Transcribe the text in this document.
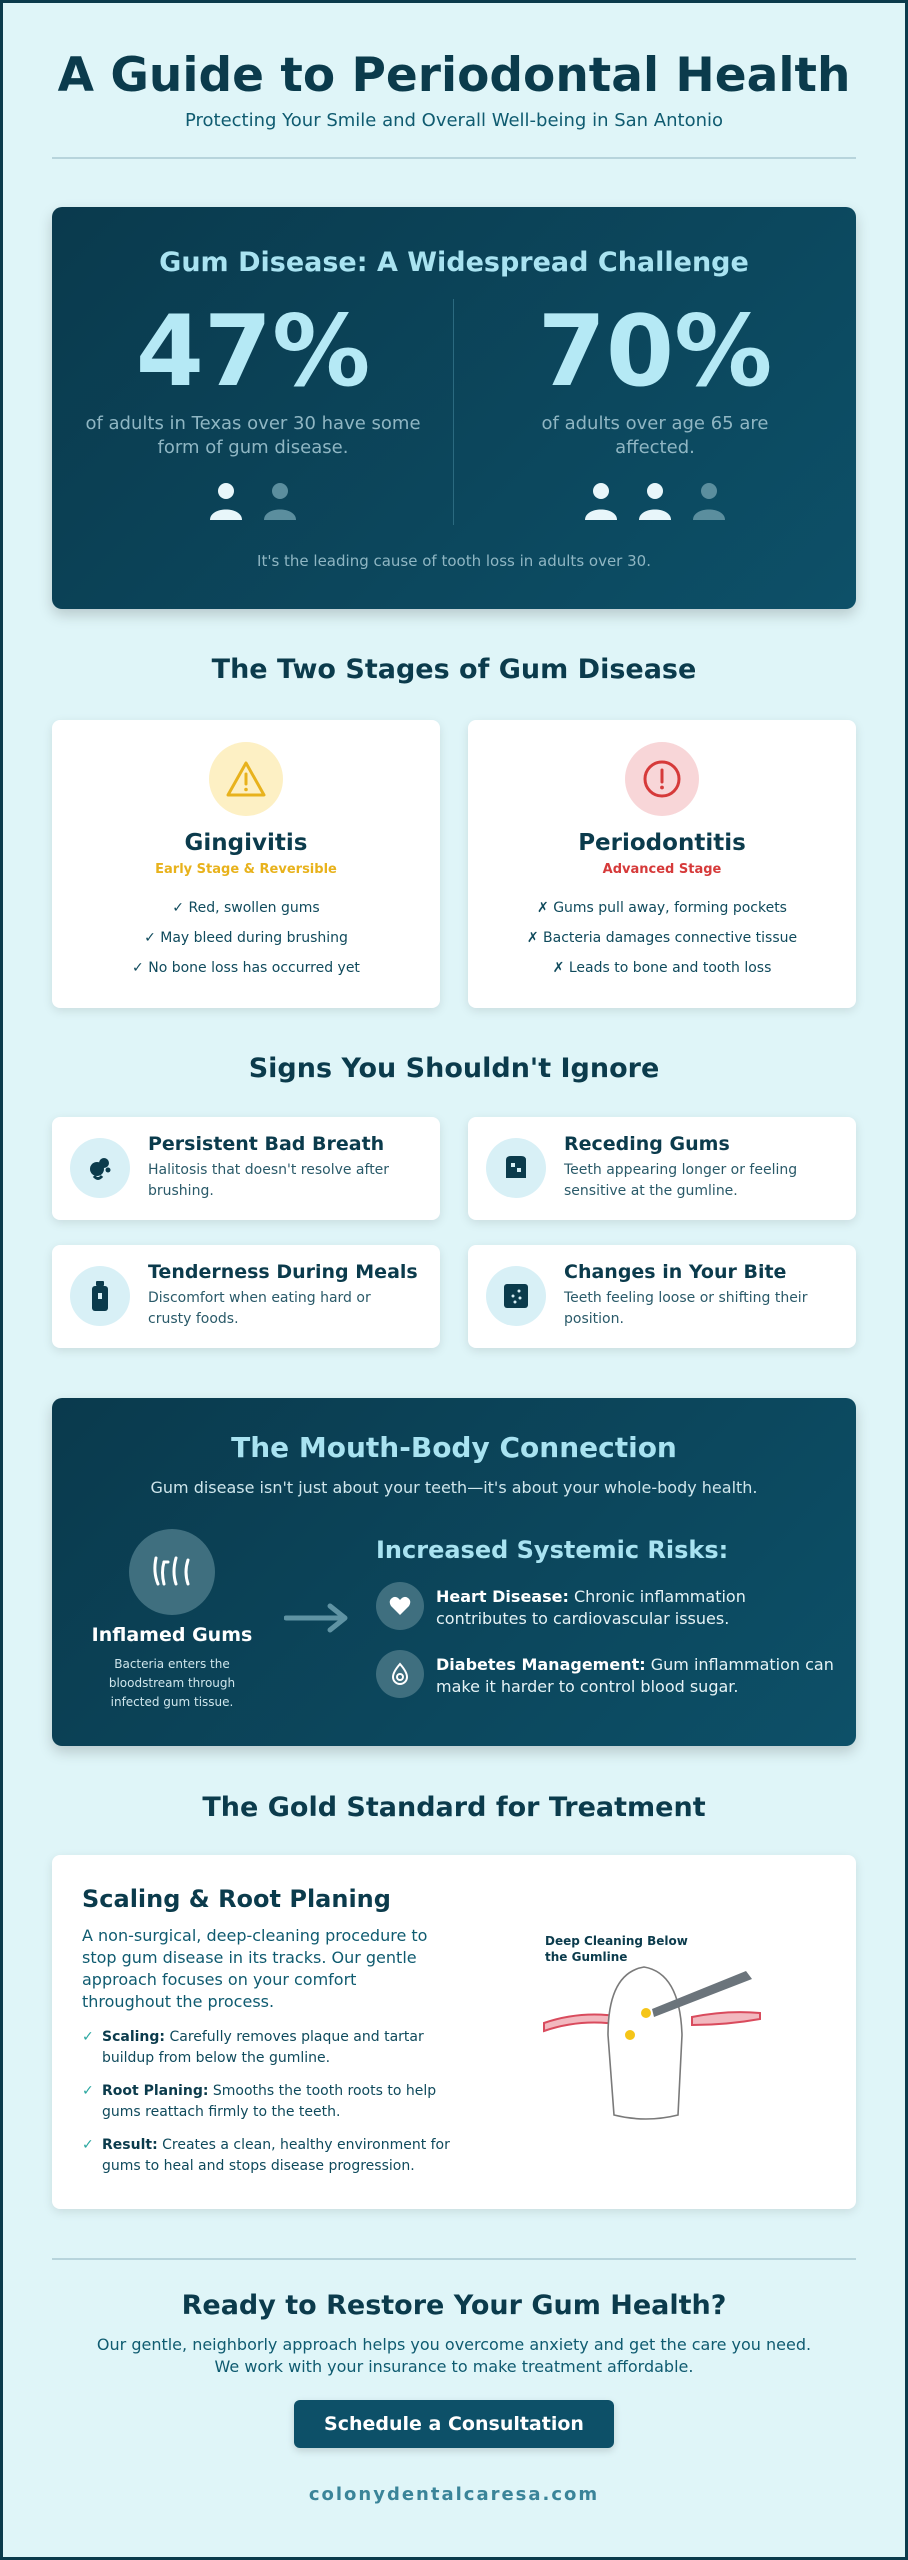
A Guide to Periodontal Health
Protecting Your Smile and Overall Well-being in San Antonio
Gum Disease: A Widespread Challenge
47%
of adults in Texas over 30 have some form of gum disease.
70%
of adults over age 65 are affected.
It's the leading cause of tooth loss in adults over 30.
The Two Stages of Gum Disease
Gingivitis
Early Stage & Reversible
✓ Red, swollen gums
✓ May bleed during brushing
✓ No bone loss has occurred yet
Periodontitis
Advanced Stage
✗ Gums pull away, forming pockets
✗ Bacteria damages connective tissue
✗ Leads to bone and tooth loss
Signs You Shouldn't Ignore
Persistent Bad Breath
Halitosis that doesn't resolve after brushing.
Receding Gums
Teeth appearing longer or feeling sensitive at the gumline.
Tenderness During Meals
Discomfort when eating hard or crusty foods.
Changes in Your Bite
Teeth feeling loose or shifting their position.
The Mouth-Body Connection
Gum disease isn't just about your teeth—it's about your whole-body health.
Inflamed Gums
Bacteria enters the bloodstream through infected gum tissue.
Increased Systemic Risks:
Heart Disease: Chronic inflammation contributes to cardiovascular issues.
Diabetes Management: Gum inflammation can make it harder to control blood sugar.
The Gold Standard for Treatment
Scaling & Root Planing

A non-surgical, deep-cleaning procedure to stop gum disease in its tracks. Our gentle approach focuses on your comfort throughout the process.

✓ Scaling: Carefully removes plaque and tartar buildup from below the gumline.
✓ Root Planing: Smooths the tooth roots to help gums reattach firmly to the teeth.
✓ Result: Creates a clean, healthy environment for gums to heal and stops disease progression.
Deep Cleaning Below the Gumline
Ready to Restore Your Gum Health?
Our gentle, neighborly approach helps you overcome anxiety and get the care you need.
We work with your insurance to make treatment affordable.
Schedule a Consultation
colonydentalcaresa.com
